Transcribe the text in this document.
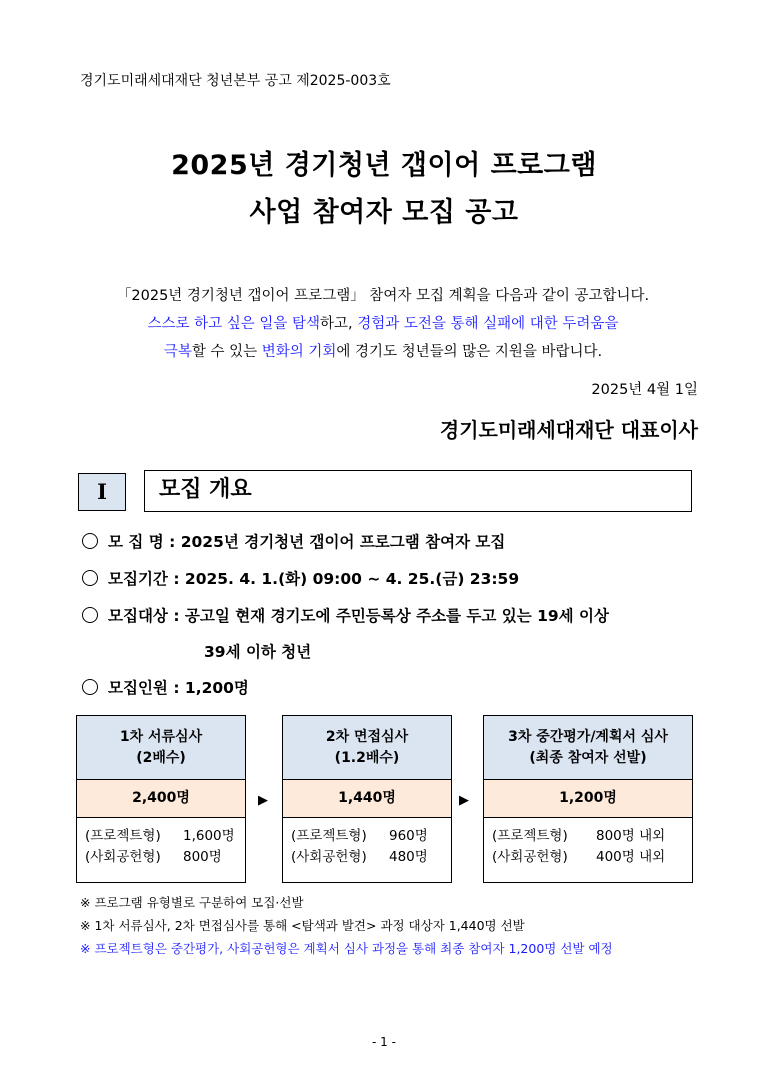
경기도미래세대재단 청년본부 공고 제2025-003호
2025년 경기청년 갭이어 프로그램
사업 참여자 모집 공고
「2025년 경기청년 갭이어 프로그램」 참여자 모집 계획을 다음과 같이 공고합니다.
스스로 하고 싶은 일을 탐색하고, 경험과 도전을 통해 실패에 대한 두려움을
극복할 수 있는 변화의 기회에 경기도 청년들의 많은 지원을 바랍니다.
2025년 4월 1일
경기도미래세대재단 대표이사
I	모집 개요
모 집 명 : 2025년 경기청년 갭이어 프로그램 참여자 모집
모집기간 : 2025. 4. 1.(화) 09:00 ~ 4. 25.(금) 23:59
모집대상 : 공고일 현재 경기도에 주민등록상 주소를 두고 있는 19세 이상
39세 이하 청년
모집인원 : 1,200명
1차 서류심사
(2배수)
2,400명
(프로젝트형)	1,600명
(사회공헌형)	800명
▶
2차 면접심사
(1.2배수)
1,440명
(프로젝트형)	960명
(사회공헌형)	480명
▶
3차 중간평가/계획서 심사
(최종 참여자 선발)
1,200명
(프로젝트형)	800명 내외
(사회공헌형)	400명 내외
※ 프로그램 유형별로 구분하여 모집·선발
※ 1차 서류심사, 2차 면접심사를 통해 <탐색과 발견> 과정 대상자 1,440명 선발
※ 프로젝트형은 중간평가, 사회공헌형은 계획서 심사 과정을 통해 최종 참여자 1,200명 선발 예정
- 1 -
